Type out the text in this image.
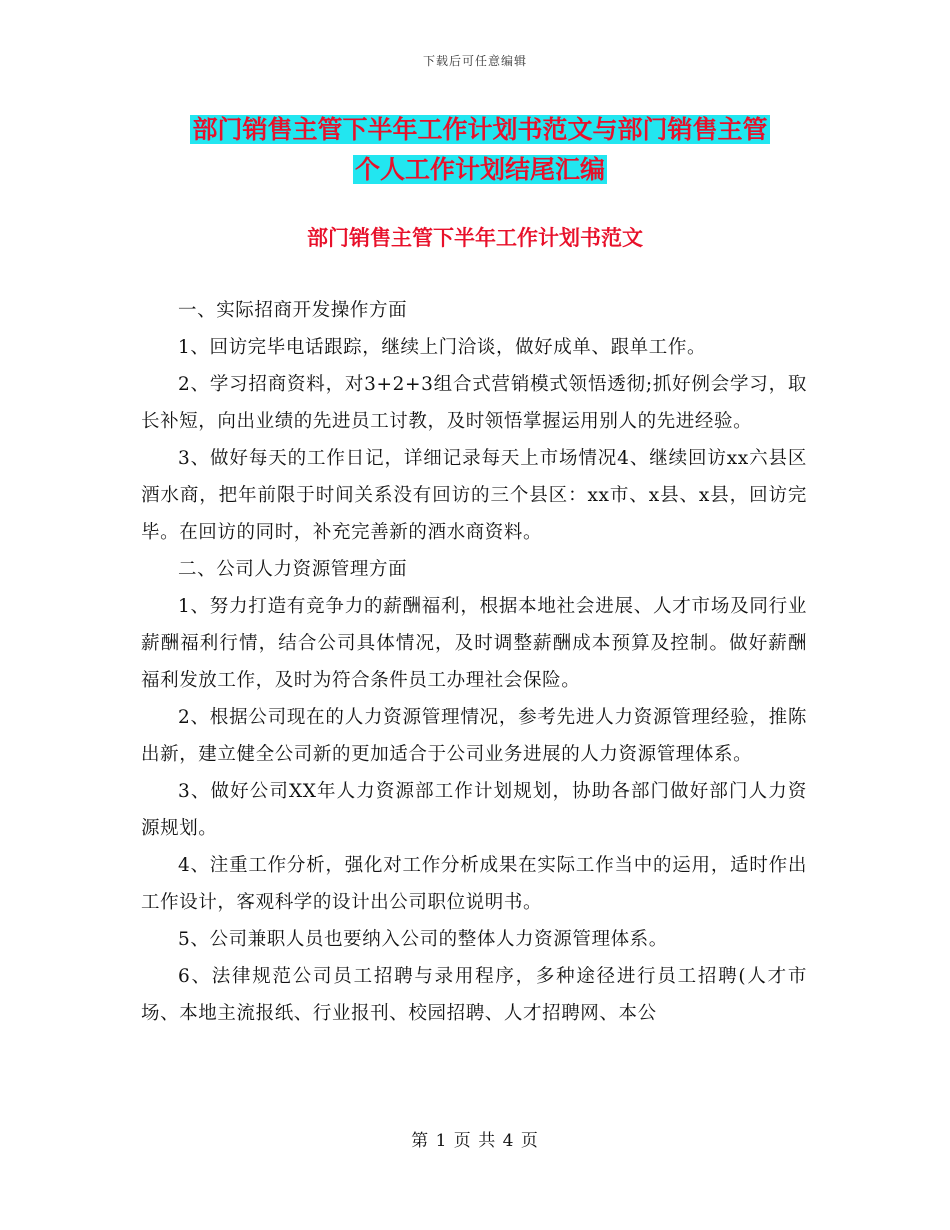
下载后可任意编辑
部门销售主管下半年工作计划书范文与部门销售主管
个人工作计划结尾汇编
部门销售主管下半年工作计划书范文

一、实际招商开发操作方面

1、回访完毕电话跟踪，继续上门洽谈，做好成单、跟单工作。

2、学习招商资料，对3+2+3组合式营销模式领悟透彻;抓好例会学习，取长补短，向出业绩的先进员工讨教，及时领悟掌握运用别人的先进经验。

3、做好每天的工作日记，详细记录每天上市场情况4、继续回访xx六县区酒水商，把年前限于时间关系没有回访的三个县区：xx市、x县、x县，回访完毕。在回访的同时，补充完善新的酒水商资料。

二、公司人力资源管理方面

1、努力打造有竞争力的薪酬福利，根据本地社会进展、人才市场及同行业薪酬福利行情，结合公司具体情况，及时调整薪酬成本预算及控制。做好薪酬福利发放工作，及时为符合条件员工办理社会保险。

2、根据公司现在的人力资源管理情况，参考先进人力资源管理经验，推陈出新，建立健全公司新的更加适合于公司业务进展的人力资源管理体系。

3、做好公司XX年人力资源部工作计划规划，协助各部门做好部门人力资源规划。

4、注重工作分析，强化对工作分析成果在实际工作当中的运用，适时作出工作设计，客观科学的设计出公司职位说明书。

5、公司兼职人员也要纳入公司的整体人力资源管理体系。

6、法律规范公司员工招聘与录用程序，多种途径进行员工招聘(人才市场、本地主流报纸、行业报刊、校园招聘、人才招聘网、本公

第 1 页 共 4 页
